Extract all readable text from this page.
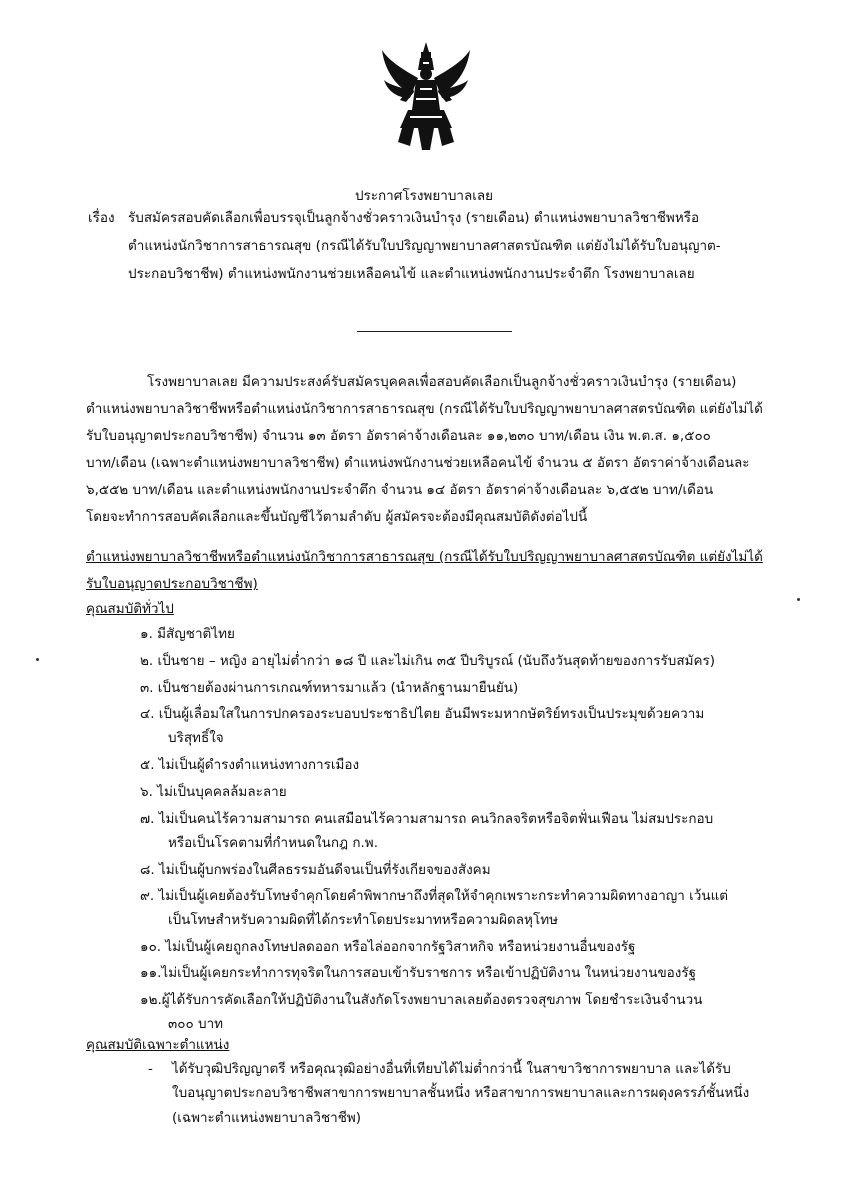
ประกาศโรงพยาบาลเลย
เรื่อง รับสมัครสอบคัดเลือกเพื่อบรรจุเป็นลูกจ้างชั่วคราวเงินบำรุง (รายเดือน) ตำแหน่งพยาบาลวิชาชีพหรือ
ตำแหน่งนักวิชาการสาธารณสุข (กรณีได้รับใบปริญญาพยาบาลศาสตรบัณฑิต แต่ยังไม่ได้รับใบอนุญาต-
ประกอบวิชาชีพ) ตำแหน่งพนักงานช่วยเหลือคนไข้ และตำแหน่งพนักงานประจำตึก โรงพยาบาลเลย
โรงพยาบาลเลย มีความประสงค์รับสมัครบุคคลเพื่อสอบคัดเลือกเป็นลูกจ้างชั่วคราวเงินบำรุง (รายเดือน)
ตำแหน่งพยาบาลวิชาชีพหรือตำแหน่งนักวิชาการสาธารณสุข (กรณีได้รับใบปริญญาพยาบาลศาสตรบัณฑิต แต่ยังไม่ได้
รับใบอนุญาตประกอบวิชาชีพ) จำนวน ๑๓ อัตรา อัตราค่าจ้างเดือนละ ๑๑,๒๓๐ บาท/เดือน เงิน พ.ต.ส. ๑,๕๐๐
บาท/เดือน (เฉพาะตำแหน่งพยาบาลวิชาชีพ) ตำแหน่งพนักงานช่วยเหลือคนไข้ จำนวน ๕ อัตรา อัตราค่าจ้างเดือนละ
๖,๕๕๒ บาท/เดือน และตำแหน่งพนักงานประจำตึก จำนวน ๑๔ อัตรา อัตราค่าจ้างเดือนละ ๖,๕๕๒ บาท/เดือน
โดยจะทำการสอบคัดเลือกและขึ้นบัญชีไว้ตามลำดับ ผู้สมัครจะต้องมีคุณสมบัติดังต่อไปนี้
ตำแหน่งพยาบาลวิชาชีพหรือตำแหน่งนักวิชาการสาธารณสุข (กรณีได้รับใบปริญญาพยาบาลศาสตรบัณฑิต แต่ยังไม่ได้
รับใบอนุญาตประกอบวิชาชีพ)
คุณสมบัติทั่วไป
๑. มีสัญชาติไทย
๒. เป็นชาย – หญิง อายุไม่ต่ำกว่า ๑๘ ปี และไม่เกิน ๓๕ ปีบริบูรณ์ (นับถึงวันสุดท้ายของการรับสมัคร)
๓. เป็นชายต้องผ่านการเกณฑ์ทหารมาแล้ว (นำหลักฐานมายืนยัน)
๔. เป็นผู้เลื่อมใสในการปกครองระบอบประชาธิปไตย อันมีพระมหากษัตริย์ทรงเป็นประมุขด้วยความ
บริสุทธิ์ใจ
๕. ไม่เป็นผู้ดำรงตำแหน่งทางการเมือง
๖. ไม่เป็นบุคคลล้มละลาย
๗. ไม่เป็นคนไร้ความสามารถ คนเสมือนไร้ความสามารถ คนวิกลจริตหรือจิตฟั่นเฟือน ไม่สมประกอบ
หรือเป็นโรคตามที่กำหนดในกฎ ก.พ.
๘. ไม่เป็นผู้บกพร่องในศีลธรรมอันดีจนเป็นที่รังเกียจของสังคม
๙. ไม่เป็นผู้เคยต้องรับโทษจำคุกโดยคำพิพากษาถึงที่สุดให้จำคุกเพราะกระทำความผิดทางอาญา เว้นแต่
เป็นโทษสำหรับความผิดที่ได้กระทำโดยประมาทหรือความผิดลหุโทษ
๑๐. ไม่เป็นผู้เคยถูกลงโทษปลดออก หรือไล่ออกจากรัฐวิสาหกิจ หรือหน่วยงานอื่นของรัฐ
๑๑.ไม่เป็นผู้เคยกระทำการทุจริตในการสอบเข้ารับราชการ หรือเข้าปฏิบัติงาน ในหน่วยงานของรัฐ
๑๒.ผู้ได้รับการคัดเลือกให้ปฏิบัติงานในสังกัดโรงพยาบาลเลยต้องตรวจสุขภาพ โดยชำระเงินจำนวน
๓๐๐ บาท
คุณสมบัติเฉพาะตำแหน่ง
- ได้รับวุฒิปริญญาตรี หรือคุณวุฒิอย่างอื่นที่เทียบได้ไม่ต่ำกว่านี้ ในสาขาวิชาการพยาบาล และได้รับ
ใบอนุญาตประกอบวิชาชีพสาขาการพยาบาลชั้นหนึ่ง หรือสาขาการพยาบาลและการผดุงครรภ์ชั้นหนึ่ง
(เฉพาะตำแหน่งพยาบาลวิชาชีพ)
